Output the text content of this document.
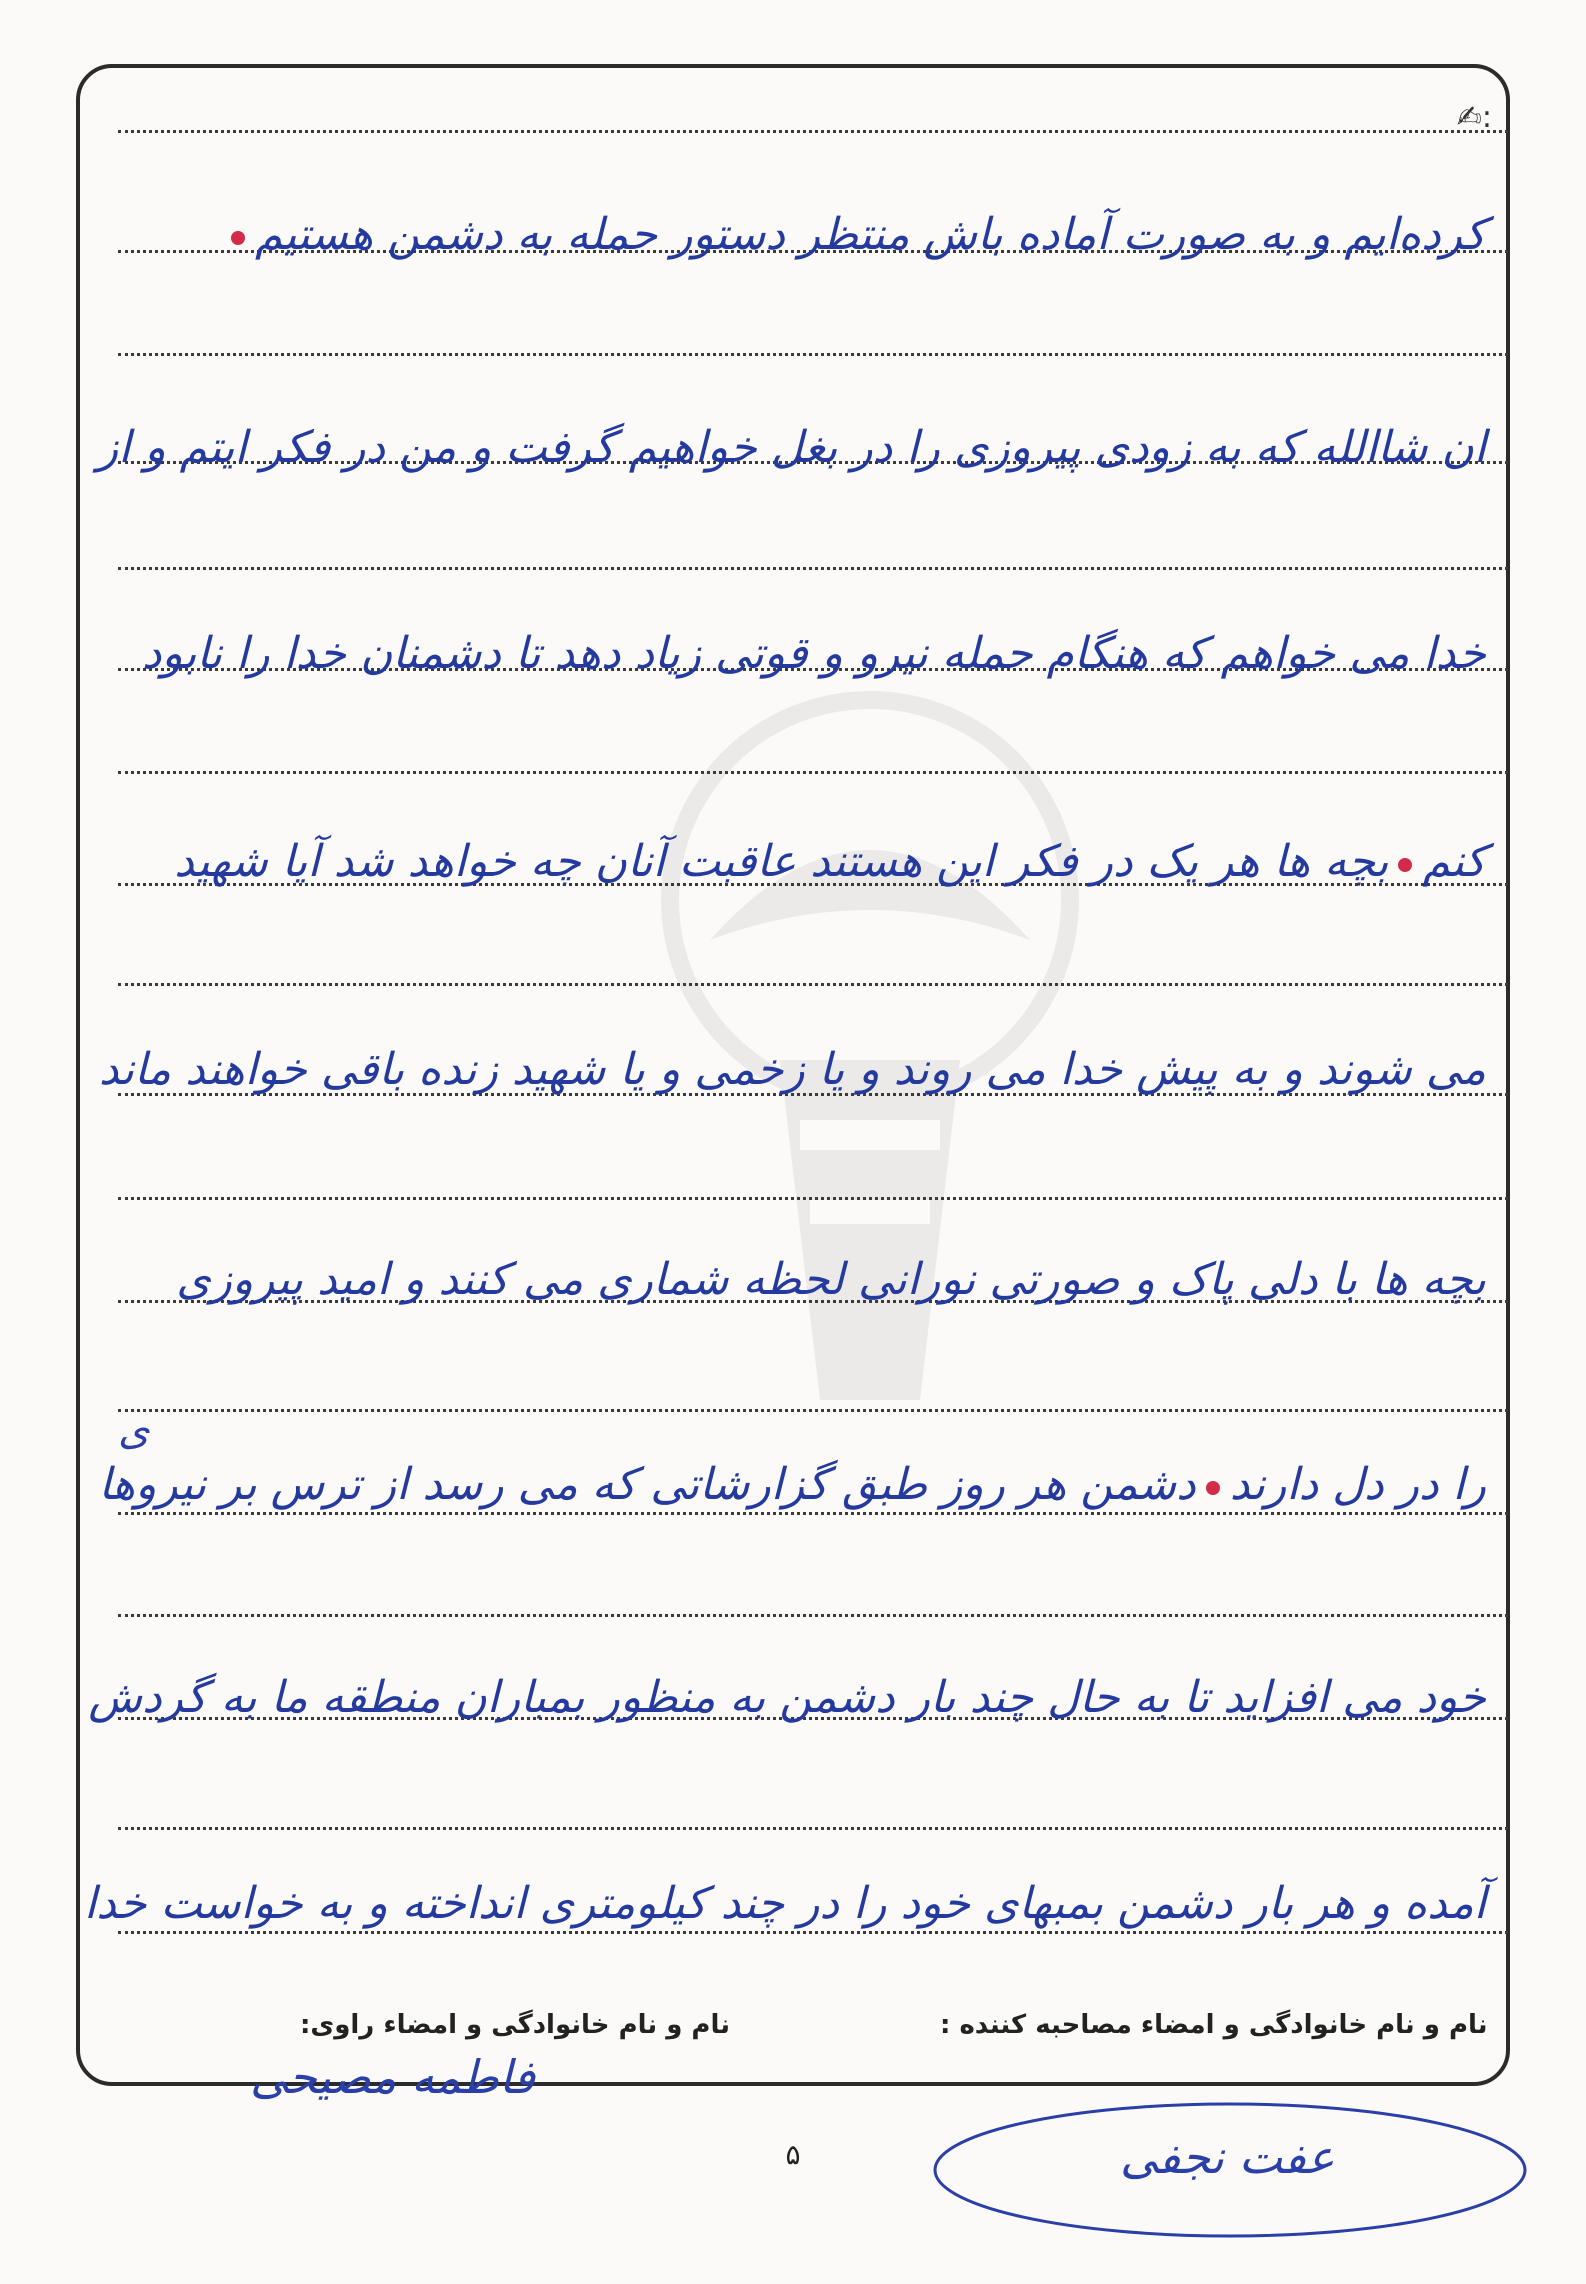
✍:
کرده‌ایم و به صورت آماده باش منتظر دستور حمله به دشمن هستیم
ان شاالله که به زودی پیروزی را در بغل خواهیم گرفت و من در فکر ایتم و از
خدا می خواهم که هنگام حمله نیرو و قوتی زیاد دهد تا دشمنان خدا را نابود
کنمبچه ها هر یک در فکر این هستند عاقبت آنان چه خواهد شد آیا شهید
می شوند و به پیش خدا می روند و یا زخمی و یا شهید زنده باقی خواهند ماند
بچه ها با دلی پاک و صورتی نورانی لحظه شماری می کنند و امید پیروزی
را در دل دارنددشمن هر روز طبق گزارشاتی که می رسد از ترس بر نیروها
ی
خود می افزاید تا به حال چند بار دشمن به منظور بمباران منطقه ما به گردش
آمده و هر بار دشمن بمبهای خود را در چند کیلومتری انداخته و به خواست خدا
نام و نام خانوادگی و امضاء مصاحبه کننده :
نام و نام خانوادگی و امضاء راوی:
فاطمه مصیحی
عفت نجفی
۵
